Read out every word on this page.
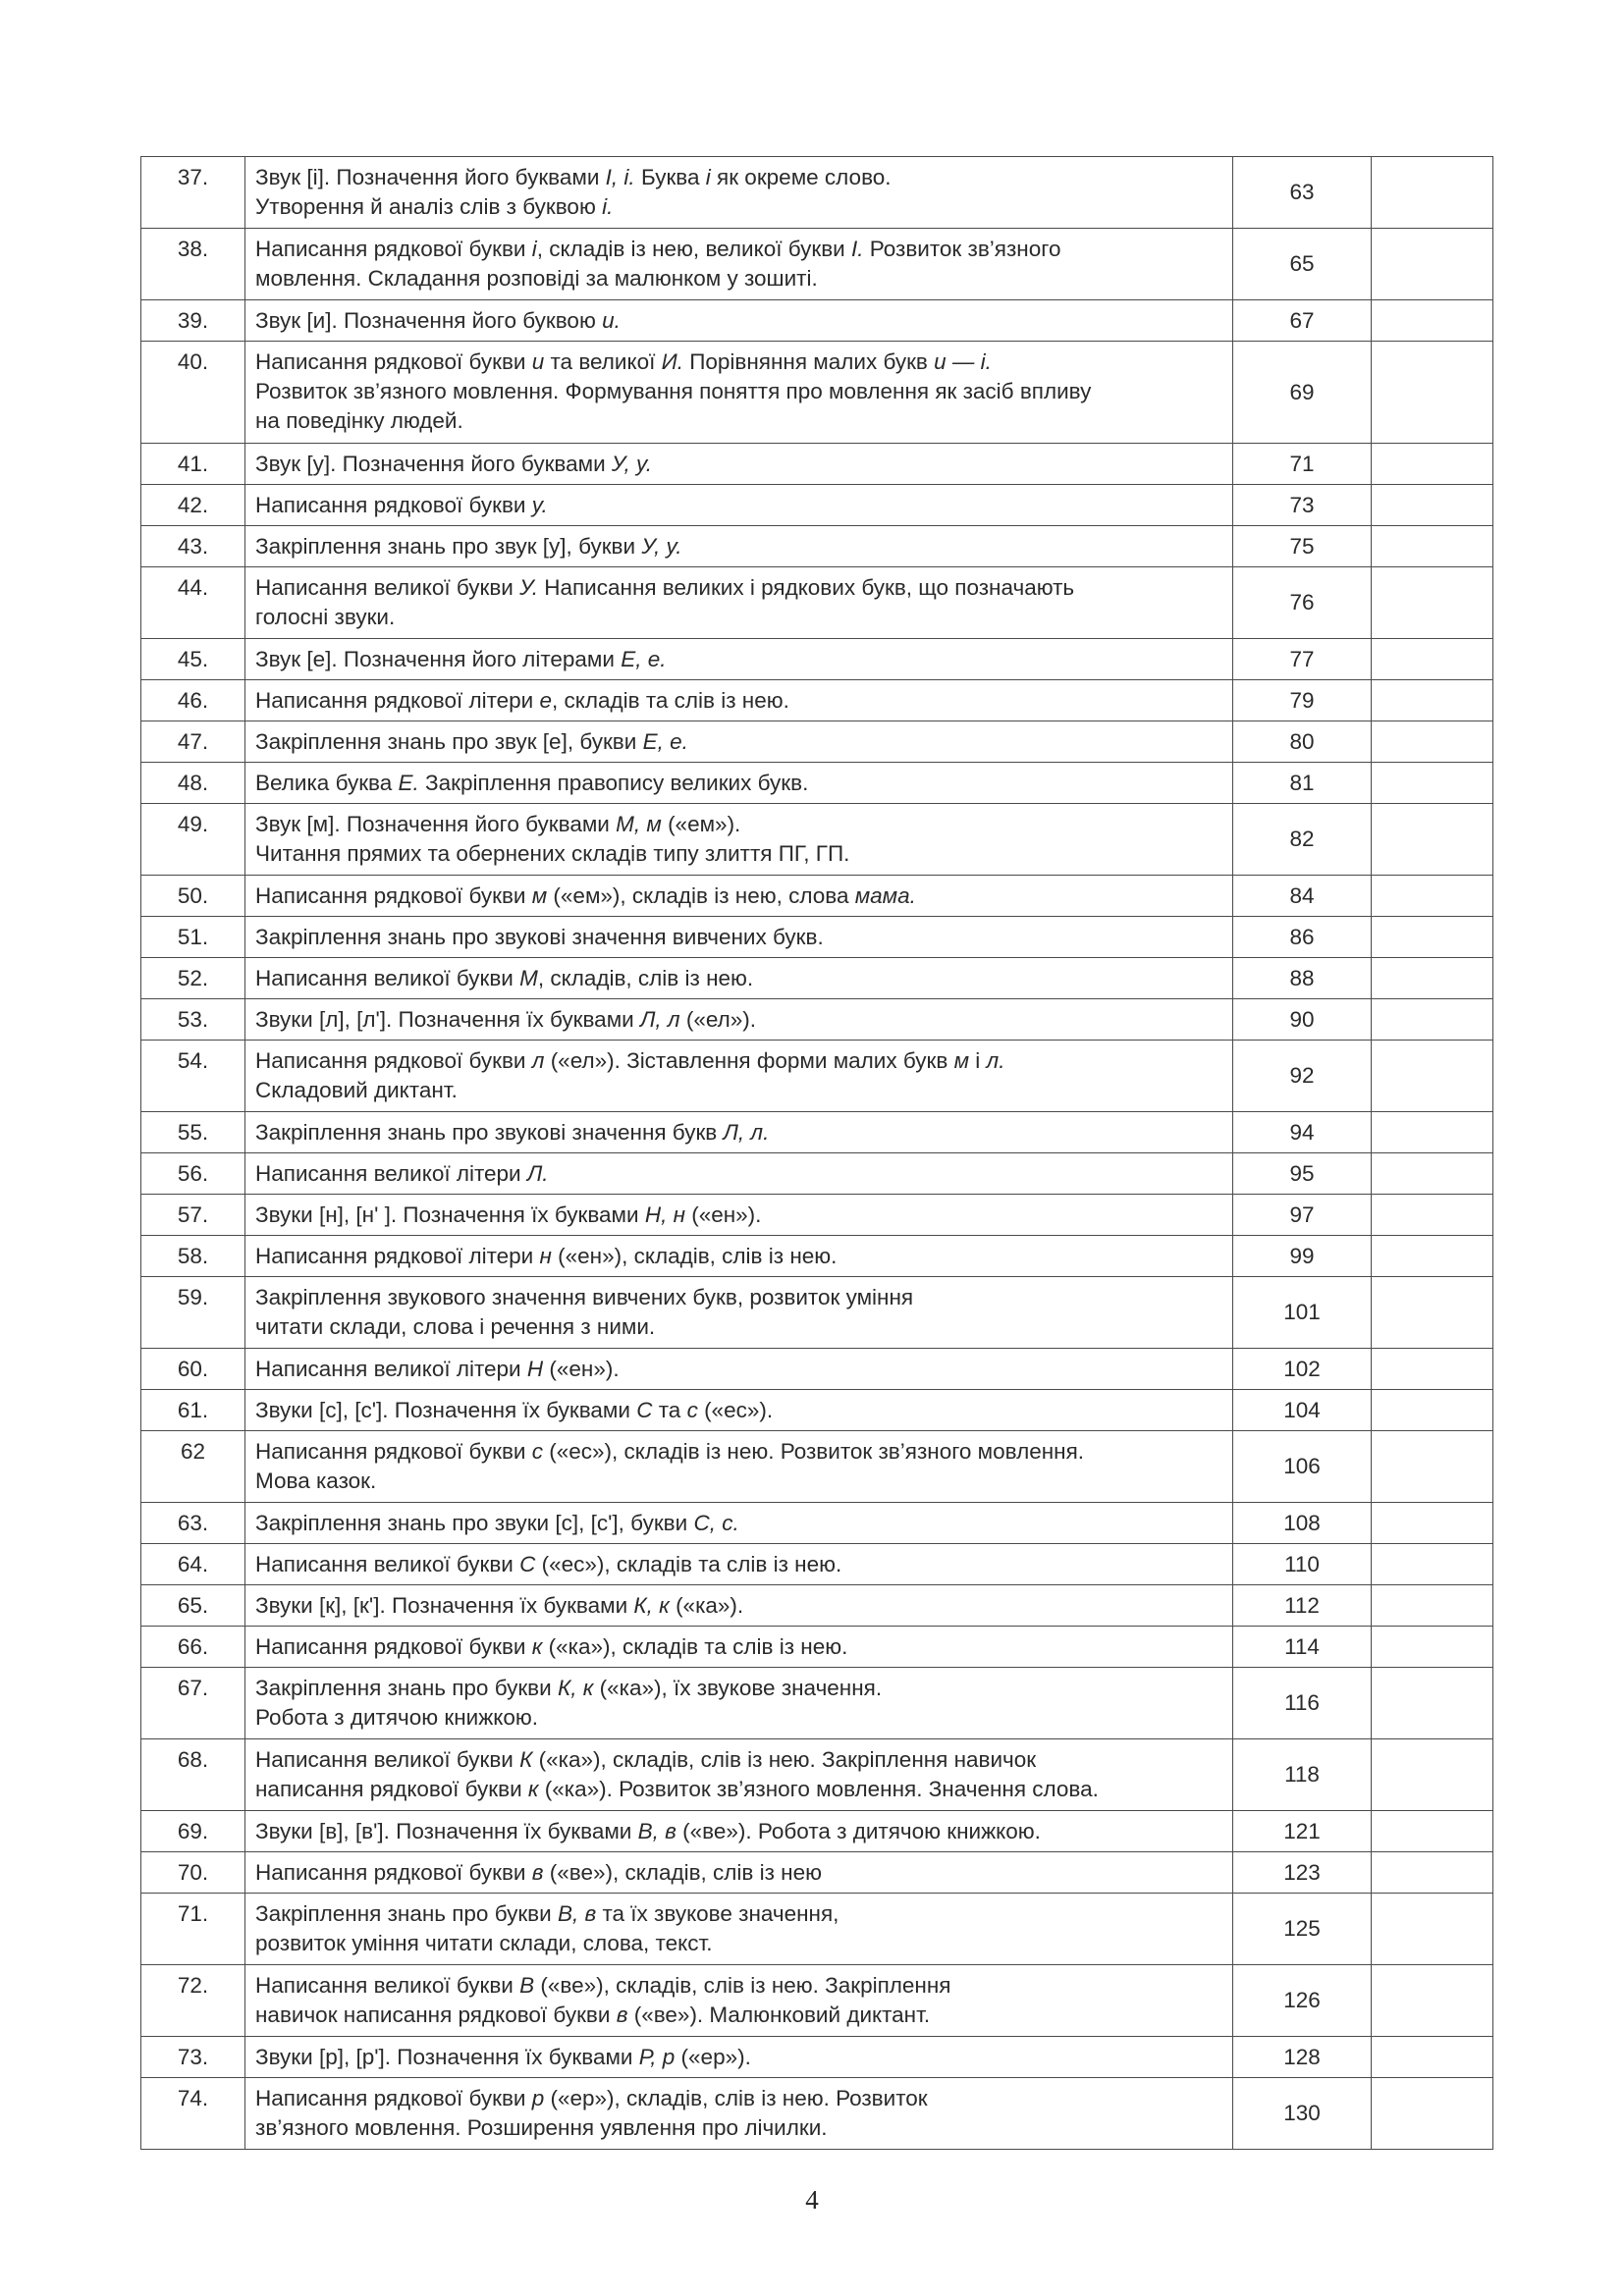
37.	Звук [і]. Позначення його буквами І, і. Буква і як окреме слово.
Утворення й аналіз слів з буквою і.	63	
38.	Написання рядкової букви і, складів із нею, великої букви І. Розвиток зв’язного
мовлення. Складання розповіді за малюнком у зошиті.	65	
39.	Звук [и]. Позначення його буквою и.	67	
40.	Написання рядкової букви и та великої И. Порівняння малих букв и — і.
Розвиток зв’язного мовлення. Формування поняття про мовлення як засіб впливу
на поведінку людей.	69	
41.	Звук [у]. Позначення його буквами У, у.	71	
42.	Написання рядкової букви у.	73	
43.	Закріплення знань про звук [у], букви У, у.	75	
44.	Написання великої букви У. Написання великих і рядкових букв, що позначають
голосні звуки.	76	
45.	Звук [е]. Позначення його літерами Е, е.	77	
46.	Написання рядкової літери е, складів та слів із нею.	79	
47.	Закріплення знань про звук [е], букви Е, е.	80	
48.	Велика буква Е. Закріплення правопису великих букв.	81	
49.	Звук [м]. Позначення його буквами М, м («ем»).
Читання прямих та обернених складів типу злиття ПГ, ГП.	82	
50.	Написання рядкової букви м («ем»), складів із нею, слова мама.	84	
51.	Закріплення знань про звукові значення вивчених букв.	86	
52.	Написання великої букви М, складів, слів із нею.	88	
53.	Звуки [л], [л']. Позначення їх буквами Л, л («ел»).	90	
54.	Написання рядкової букви л («ел»). Зіставлення форми малих букв м і л.
Складовий диктант.	92	
55.	Закріплення знань про звукові значення букв Л, л.	94	
56.	Написання великої літери Л.	95	
57.	Звуки [н], [н' ]. Позначення їх буквами Н, н («ен»).	97	
58.	Написання рядкової літери н («ен»), складів, слів із нею.	99	
59.	Закріплення звукового значення вивчених букв, розвиток уміння
читати склади, слова і речення з ними.	101	
60.	Написання великої літери Н («ен»).	102	
61.	Звуки [с], [с']. Позначення їх буквами С та с («ес»).	104	
62	Написання рядкової букви с («ес»), складів із нею. Розвиток зв’язного мовлення.
Мова казок.	106	
63.	Закріплення знань про звуки [с], [с'], букви С, с.	108	
64.	Написання великої букви С («ес»), складів та слів із нею.	110	
65.	Звуки [к], [к']. Позначення їх буквами К, к («ка»).	112	
66.	Написання рядкової букви к («ка»), складів та слів із нею.	114	
67.	Закріплення знань про букви К, к («ка»), їх звукове значення.
Робота з дитячою книжкою.	116	
68.	Написання великої букви К («ка»), складів, слів із нею. Закріплення навичок
написання рядкової букви к («ка»). Розвиток зв’язного мовлення. Значення слова.	118	
69.	Звуки [в], [в']. Позначення їх буквами В, в («ве»). Робота з дитячою книжкою.	121	
70.	Написання рядкової букви в («ве»), складів, слів із нею	123	
71.	Закріплення знань про букви В, в та їх звукове значення,
розвиток уміння читати склади, слова, текст.	125	
72.	Написання великої букви В («ве»), складів, слів із нею. Закріплення
навичок написання рядкової букви в («ве»). Малюнковий диктант.	126	
73.	Звуки [р], [р']. Позначення їх буквами Р, р («ер»).	128	
74.	Написання рядкової букви р («ер»), складів, слів із нею. Розвиток
зв’язного мовлення. Розширення уявлення про лічилки.	130	
4
